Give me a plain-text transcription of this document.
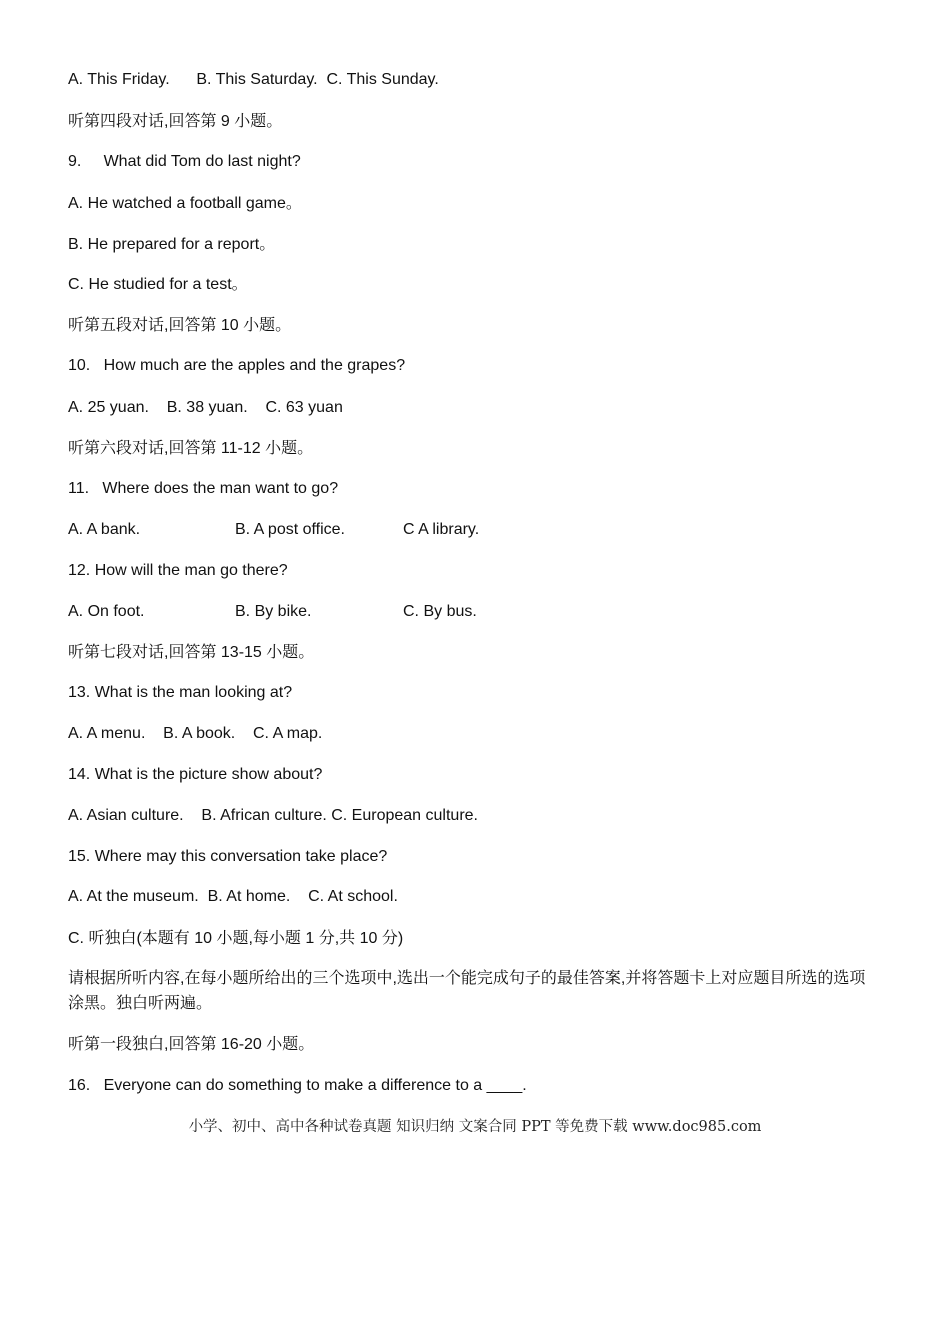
A. This Friday.      B. This Saturday.  C. This Sunday.
听第四段对话,回答第 9 小题。
9.     What did Tom do last night?
A. He watched a football game。
B. He prepared for a report。
C. He studied for a test。
听第五段对话,回答第 10 小题。
10.   How much are the apples and the grapes?
A. 25 yuan.    B. 38 yuan.    C. 63 yuan
听第六段对话,回答第 11-12 小题。
11.   Where does the man want to go?

A. A bank.

	B. A post office.

	C A library.

12. How will the man go there?

A. On foot.

	B. By bike.

	C. By bus.

听第七段对话,回答第 13-15 小题。
13. What is the man looking at?
A. A menu.    B. A book.    C. A map.
14. What is the picture show about?
A. Asian culture.    B. African culture. C. European culture.
15. Where may this conversation take place?
A. At the museum.  B. At home.    C. At school.
C. 听独白(本题有 10 小题,每小题 1 分,共 10 分)
请根据所听内容,在每小题所给出的三个选项中,选出一个能完成句子的最佳答案,并将答题卡上对应题目所选的选项涂黑。独白听两遍。
听第一段独白,回答第 16-20 小题。
16.   Everyone can do something to make a difference to a ____.
小学、初中、高中各种试卷真题 知识归纳 文案合同 PPT 等免费下载 www.doc985.com
